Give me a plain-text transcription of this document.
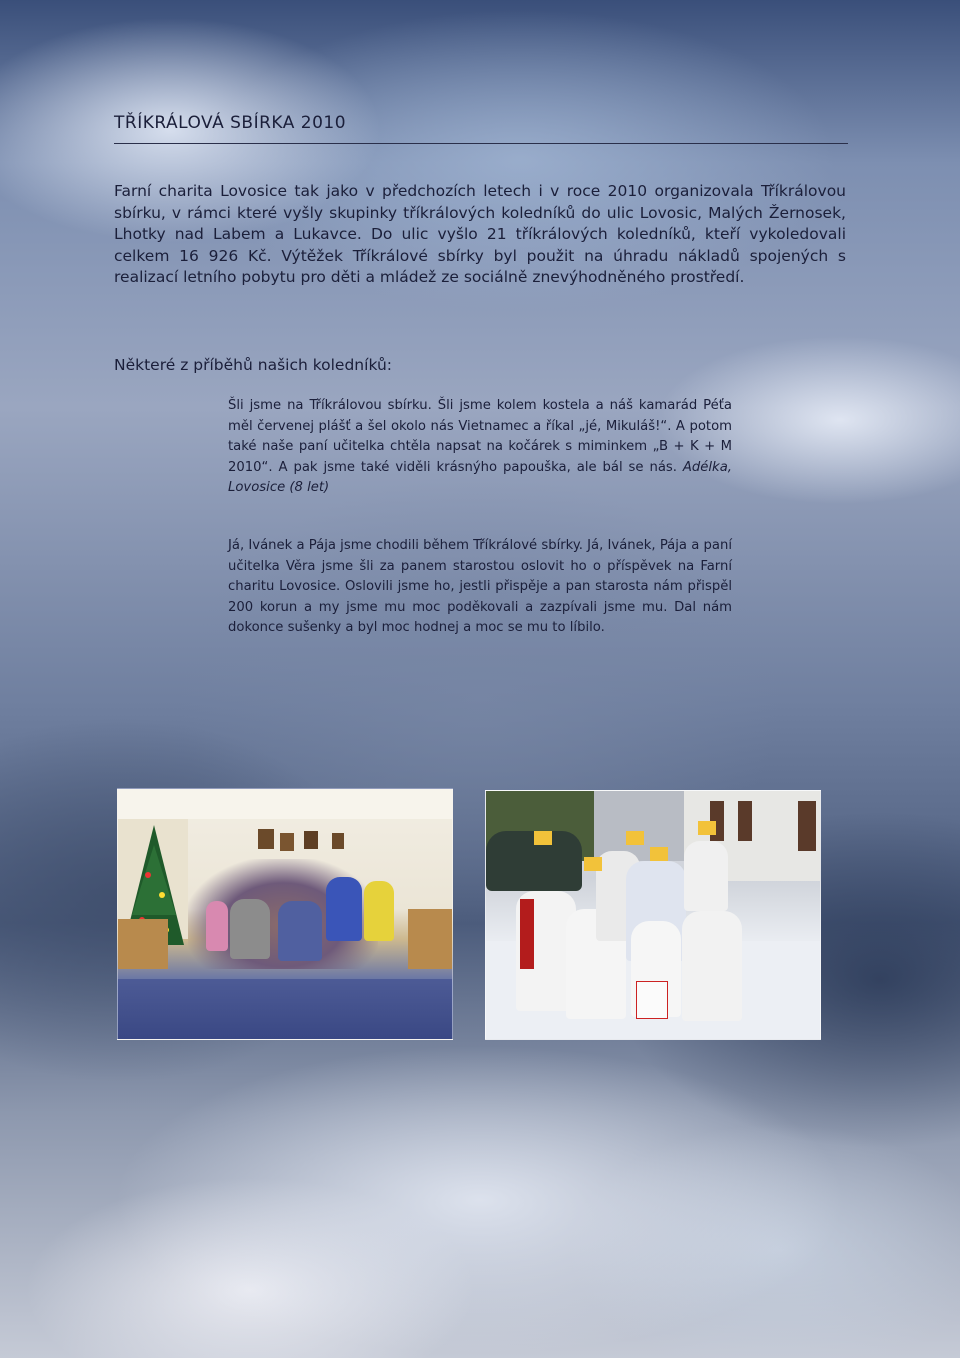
TŘÍKRÁLOVÁ SBÍRKA 2010

Farní charita Lovosice tak jako v předchozích letech i v roce 2010 organizovala Tříkrálovou sbírku, v rámci které vyšly skupinky tříkrálových koledníků do ulic Lovosic, Malých Žernosek, Lhotky nad Labem a Lukavce. Do ulic vyšlo 21 tříkrálových koledníků, kteří vykoledovali celkem 16 926 Kč. Výtěžek Tříkrálové sbírky byl použit na úhradu nákladů spojených s realizací letního pobytu pro děti a mládež ze sociálně znevýhodněného prostředí.

Některé z příběhů našich koledníků:

Šli jsme na Tříkrálovou sbírku. Šli jsme kolem kostela a náš kamarád Péťa měl červenej plášť a šel okolo nás Vietnamec a říkal „jé, Mikuláš!“. A potom také naše paní učitelka chtěla napsat na kočárek s miminkem „B + K + M 2010“. A pak jsme také viděli krásnýho papouška, ale bál se nás. Adélka, Lovosice (8 let)

Já, Ivánek a Pája jsme chodili během Tříkrálové sbírky. Já, Ivánek, Pája a paní učitelka Věra jsme šli za panem starostou oslovit ho o příspěvek na Farní charitu Lovosice. Oslovili jsme ho, jestli přispěje a pan starosta nám přispěl 200 korun a my jsme mu moc poděkovali a zazpívali jsme mu. Dal nám dokonce sušenky a byl moc hodnej a moc se mu to líbilo.
